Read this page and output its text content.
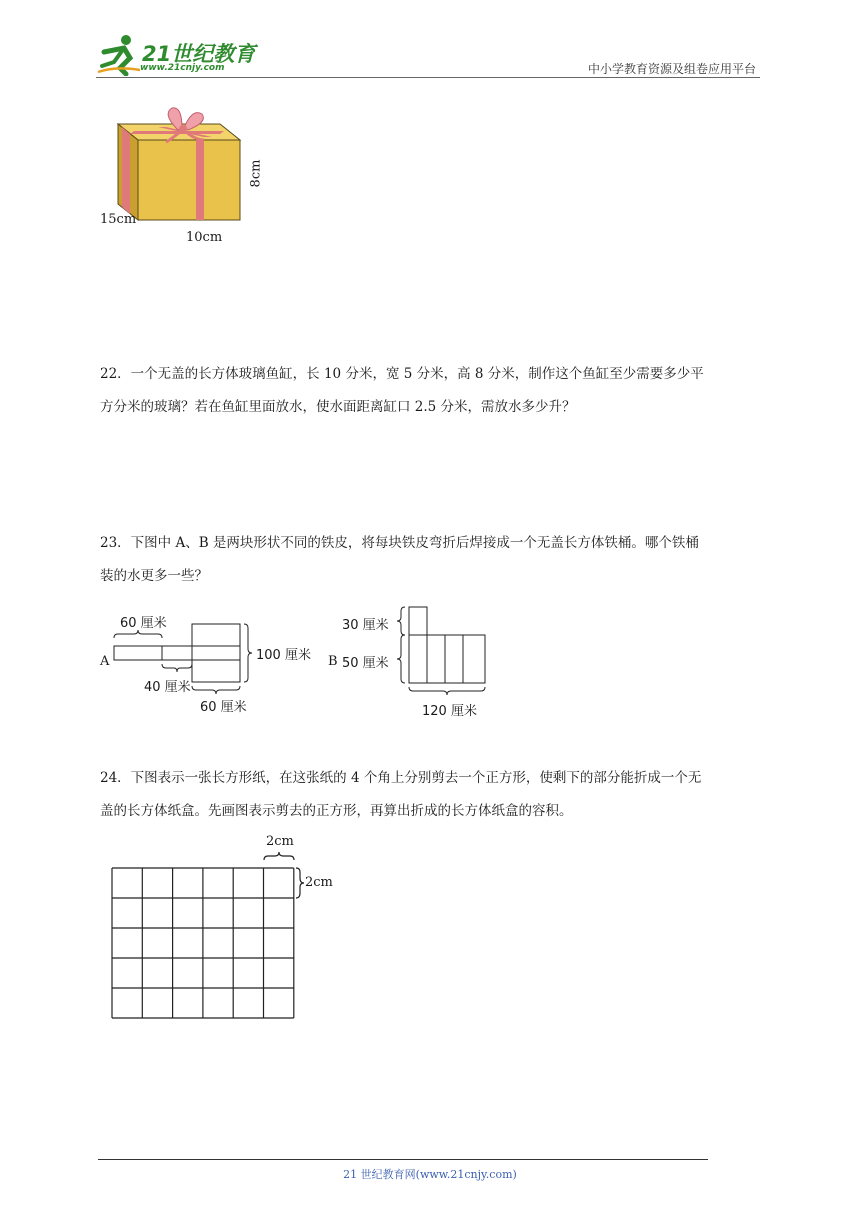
21世纪教育
www.21cnjy.com	中小学教育资源及组卷应用平台
8cm
15cm
10cm
22．一个无盖的长方体玻璃鱼缸，长 10 分米，宽 5 分米，高 8 分米，制作这个鱼缸至少需要多少平
方分米的玻璃？若在鱼缸里面放水，使水面距离缸口 2.5 分米，需放水多少升？
23．下图中 A、B 是两块形状不同的铁皮，将每块铁皮弯折后焊接成一个无盖长方体铁桶。哪个铁桶
装的水更多一些？
A
60 厘米
40 厘米
60 厘米
100 厘米 B
30 厘米
50 厘米
120 厘米
24．下图表示一张长方形纸，在这张纸的 4 个角上分别剪去一个正方形，使剩下的部分能折成一个无
盖的长方体纸盒。先画图表示剪去的正方形，再算出折成的长方体纸盒的容积。
2cm
2cm
21 世纪教育网(www.21cnjy.com)
